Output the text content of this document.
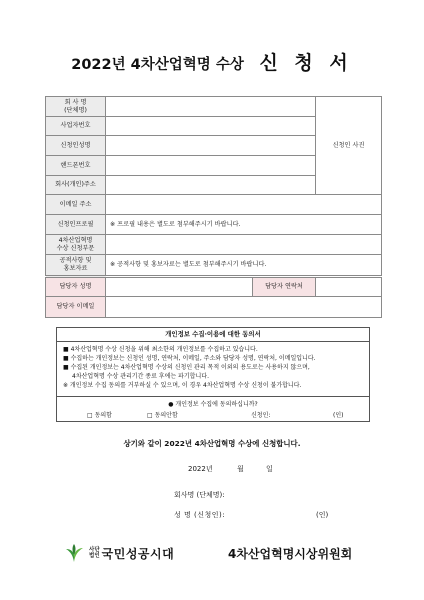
2022년 4차산업혁명 수상 신 청 서
회 사 명
(단체명)			신청인 사진
사업자번호			
신청인성명			
핸드폰번호			
회사(개인)주소			
이메일 주소			
신청인프로필	※ 프로필 내용은 별도로 첨부해주시기 바랍니다.		
4차산업혁명
수상 신청부문			
공적사항 및
홍보자료	※ 공적사항 및 홍보자료는 별도로 첨부해주시기 바랍니다.		
담당자 성명		담당자 연락처	
담당자 이메일			
개인정보 수집·이용에 대한 동의서
■ 4차산업혁명 수상 신청을 위해 최소한의 개인정보를 수집하고 있습니다.
■ 수집하는 개인정보는 신청인 성명, 연락처, 이메일, 주소와 담당자 성명, 연락처, 이메일입니다.
■ 수집된 개인정보는 4차산업혁명 수상의 신청인 관리 목적 이외의 용도로는 사용하지 않으며,
4차산업혁명 수상 관리기간 종료 후에는 파기합니다.
※ 개인정보 수집 동의를 거부하실 수 있으며, 이 경우 4차산업혁명 수상 신청이 불가합니다.
● 개인정보 수집에 동의하십니까?
□ 동의함	□ 동의안함	신청인:	(인)
상기와 같이 2022년 4차산업혁명 수상에 신청합니다.
2022년	월	일
회사명 (단체명):
성 명 (신청인):	(인)
사단
법인 국민성공시대	4차산업혁명시상위원회
